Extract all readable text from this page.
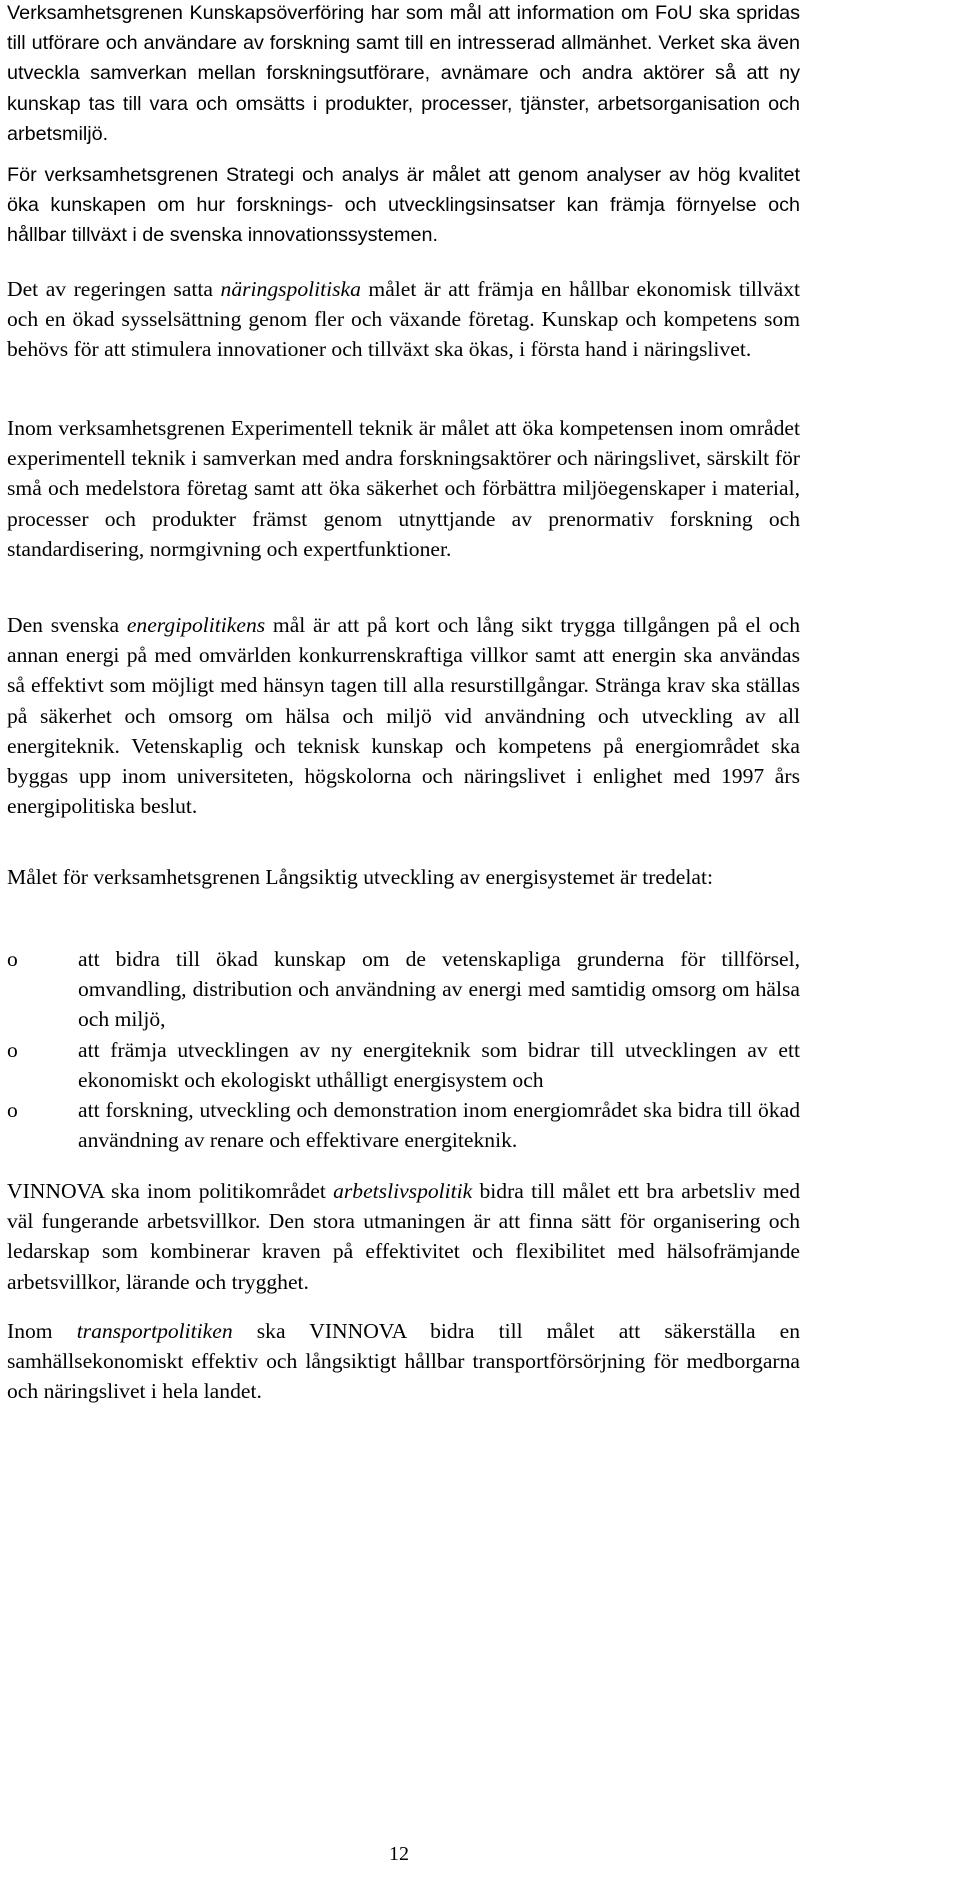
Verksamhetsgrenen Kunskapsöverföring har som mål att information om FoU ska spridas till utförare och användare av forskning samt till en intresserad allmänhet. Verket ska även utveckla samverkan mellan forskningsutförare, avnämare och andra aktörer så att ny kunskap tas till vara och omsätts i produkter, processer, tjänster, arbetsorganisation och arbetsmiljö.

För verksamhetsgrenen Strategi och analys är målet att genom analyser av hög kvalitet öka kunskapen om hur forsknings- och utvecklingsinsatser kan främja förnyelse och hållbar tillväxt i de svenska innovationssystemen.

Det av regeringen satta näringspolitiska målet är att främja en hållbar ekonomisk tillväxt och en ökad sysselsättning genom fler och växande företag. Kunskap och kompetens som behövs för att stimulera innovationer och tillväxt ska ökas, i första hand i näringslivet.

Inom verksamhetsgrenen Experimentell teknik är målet att öka kompetensen inom området experimentell teknik i samverkan med andra forskningsaktörer och näringslivet, särskilt för små och medelstora företag samt att öka säkerhet och förbättra miljöegenskaper i material, processer och produkter främst genom utnyttjande av prenormativ forskning och standardisering, normgivning och expertfunktioner.

Den svenska energipolitikens mål är att på kort och lång sikt trygga tillgången på el och annan energi på med omvärlden konkurrenskraftiga villkor samt att energin ska användas så effektivt som möjligt med hänsyn tagen till alla resurstillgångar. Stränga krav ska ställas på säkerhet och omsorg om hälsa och miljö vid användning och utveckling av all energiteknik. Vetenskaplig och teknisk kunskap och kompetens på energiområdet ska byggas upp inom universiteten, högskolorna och näringslivet i enlighet med 1997 års energipolitiska beslut.

Målet för verksamhetsgrenen Långsiktig utveckling av energisystemet är tredelat:

o	att bidra till ökad kunskap om de vetenskapliga grunderna för tillförsel, omvandling, distribution och användning av energi med samtidig omsorg om hälsa och miljö,
o	att främja utvecklingen av ny energiteknik som bidrar till utvecklingen av ett ekonomiskt och ekologiskt uthålligt energisystem och
o	att forskning, utveckling och demonstration inom energiområdet ska bidra till ökad användning av renare och effektivare energiteknik.

VINNOVA ska inom politikområdet arbetslivspolitik bidra till målet ett bra arbetsliv med väl fungerande arbetsvillkor. Den stora utmaningen är att finna sätt för organisering och ledarskap som kombinerar kraven på effektivitet och flexibilitet med hälsofrämjande arbetsvillkor, lärande och trygghet.

Inom transportpolitiken ska VINNOVA bidra till målet att säkerställa en samhällsekonomiskt effektiv och långsiktigt hållbar transportförsörjning för medborgarna och näringslivet i hela landet.

12
